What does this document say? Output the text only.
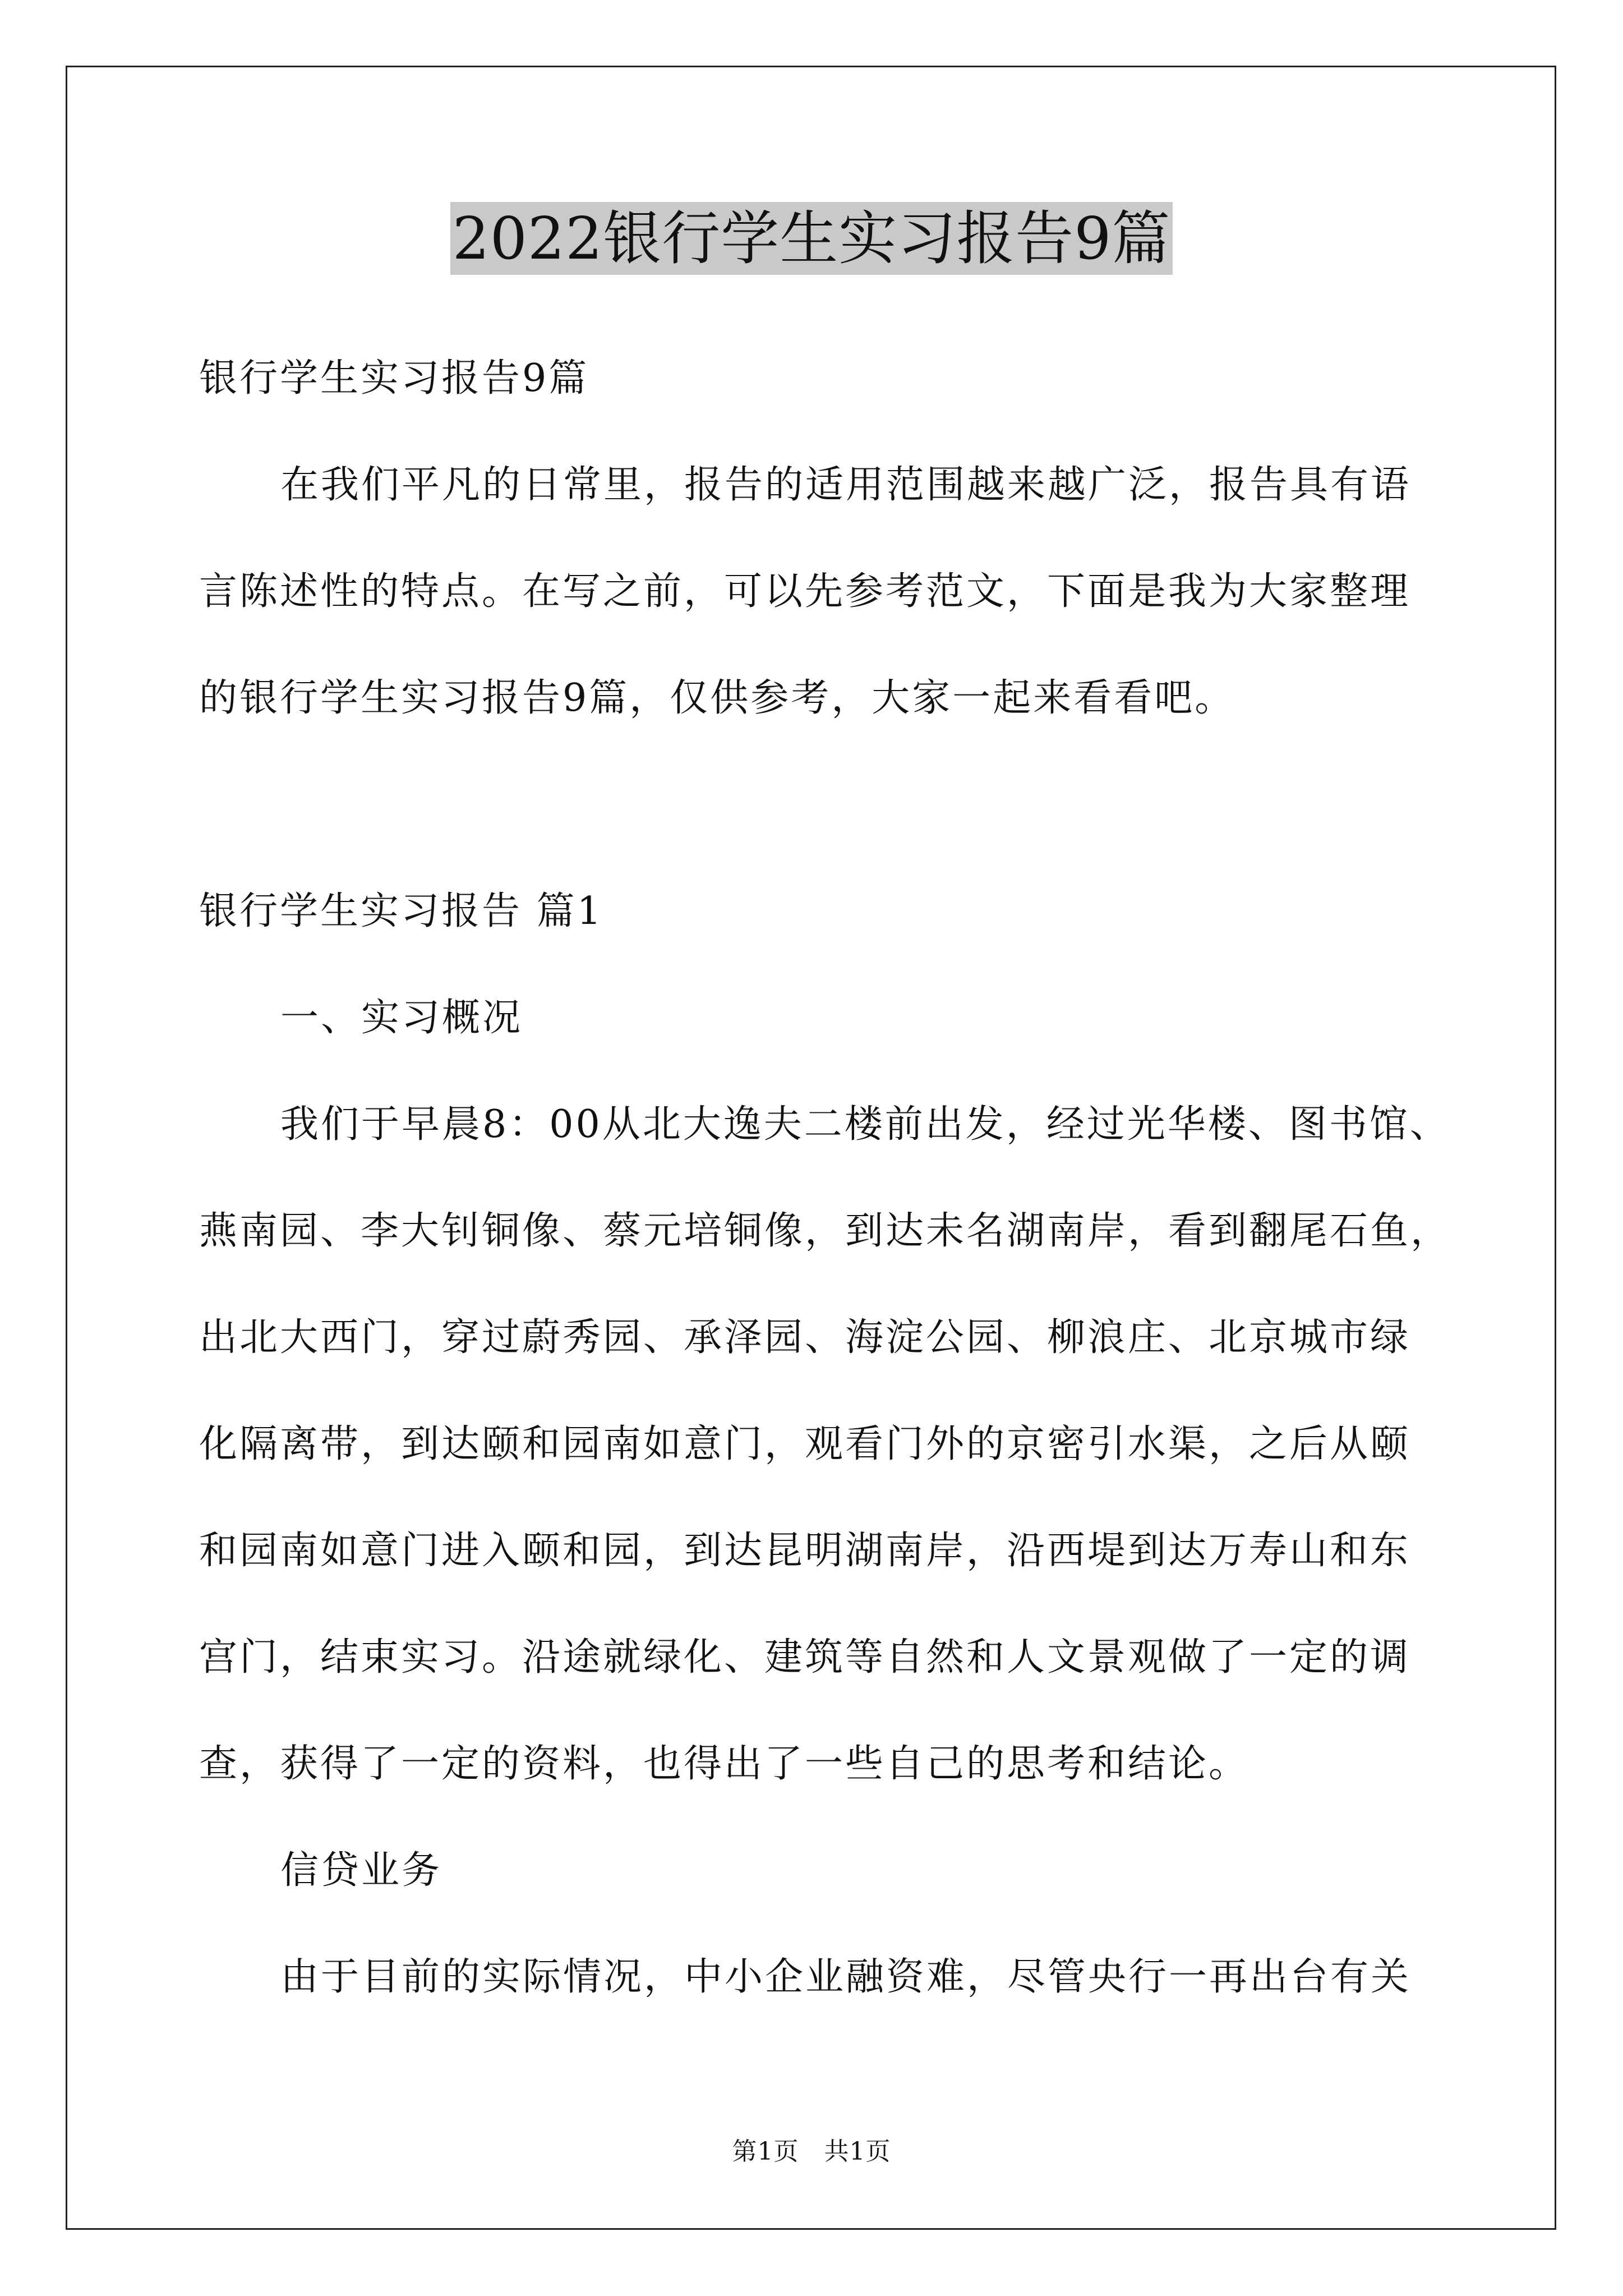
2022银行学生实习报告9篇
银行学生实习报告9篇
在我们平凡的日常里，报告的适用范围越来越广泛，报告具有语
言陈述性的特点。在写之前，可以先参考范文，下面是我为大家整理
的银行学生实习报告9篇，仅供参考，大家一起来看看吧。
银行学生实习报告 篇1
一、实习概况
我们于早晨8：00从北大逸夫二楼前出发，经过光华楼、图书馆、
燕南园、李大钊铜像、蔡元培铜像，到达未名湖南岸，看到翻尾石鱼，
出北大西门，穿过蔚秀园、承泽园、海淀公园、柳浪庄、北京城市绿
化隔离带，到达颐和园南如意门，观看门外的京密引水渠，之后从颐
和园南如意门进入颐和园，到达昆明湖南岸，沿西堤到达万寿山和东
宫门，结束实习。沿途就绿化、建筑等自然和人文景观做了一定的调
查，获得了一定的资料，也得出了一些自己的思考和结论。
信贷业务
由于目前的实际情况，中小企业融资难，尽管央行一再出台有关
第1页　共1页
